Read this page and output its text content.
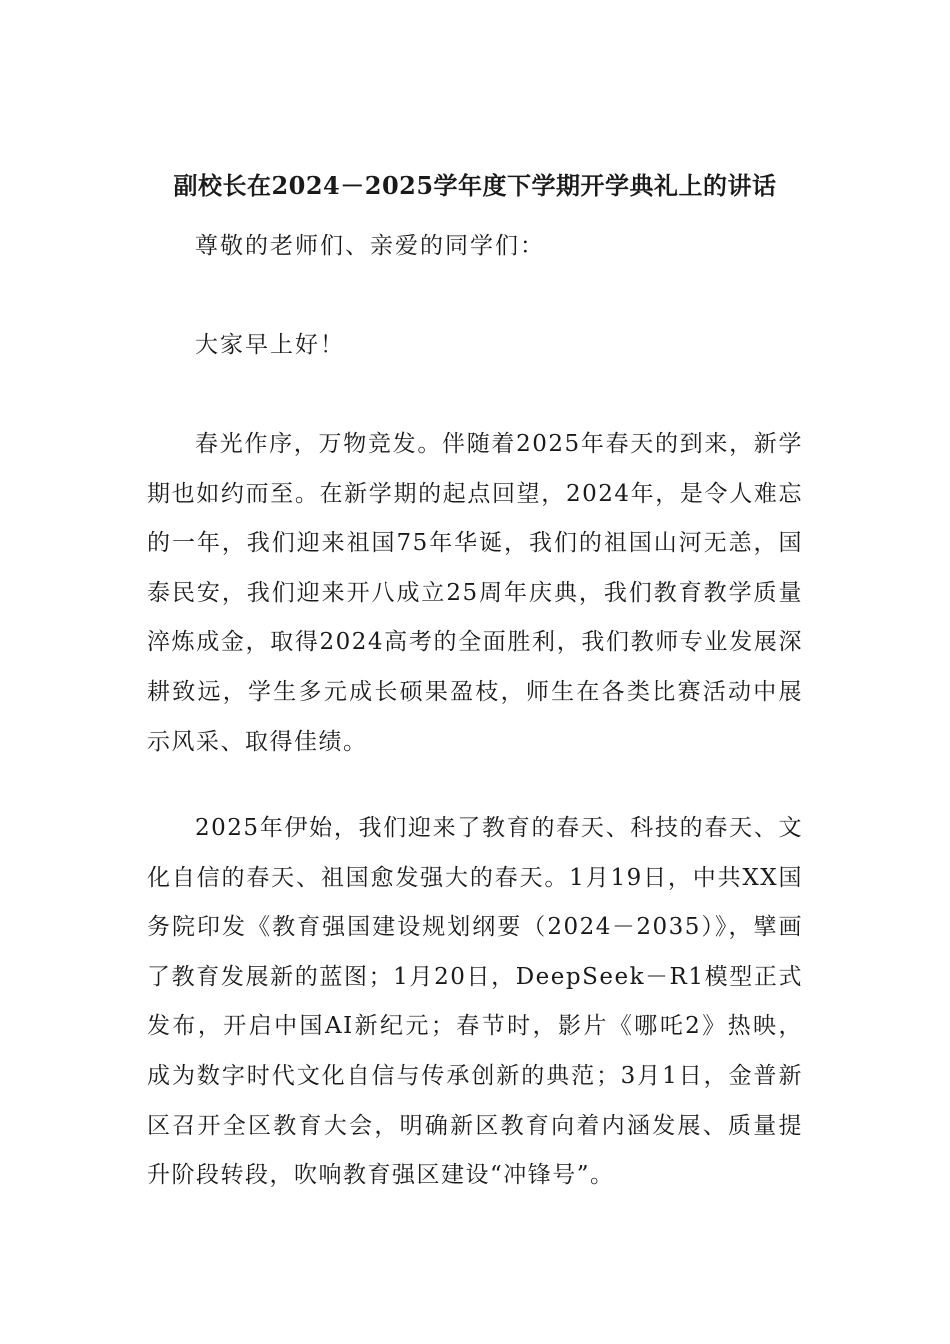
副校长在2024－2025学年度下学期开学典礼上的讲话
尊敬的老师们、亲爱的同学们：
大家早上好！

春光作序，万物竞发。伴随着2025年春天的到来，新学期也如约而至。在新学期的起点回望，2024年，是令人难忘的一年，我们迎来祖国75年华诞，我们的祖国山河无恙，国泰民安，我们迎来开八成立25周年庆典，我们教育教学质量淬炼成金，取得2024高考的全面胜利，我们教师专业发展深耕致远，学生多元成长硕果盈枝，师生在各类比赛活动中展示风采、取得佳绩。

2025年伊始，我们迎来了教育的春天、科技的春天、文化自信的春天、祖国愈发强大的春天。1月19日，中共XX国务院印发《教育强国建设规划纲要（2024－2035）》，擘画了教育发展新的蓝图；1月20日，DeepSeek－R1模型正式发布，开启中国AI新纪元；春节时，影片《哪吒2》热映，成为数字时代文化自信与传承创新的典范；3月1日，金普新区召开全区教育大会，明确新区教育向着内涵发展、质量提升阶段转段，吹响教育强区建设“冲锋号”。
